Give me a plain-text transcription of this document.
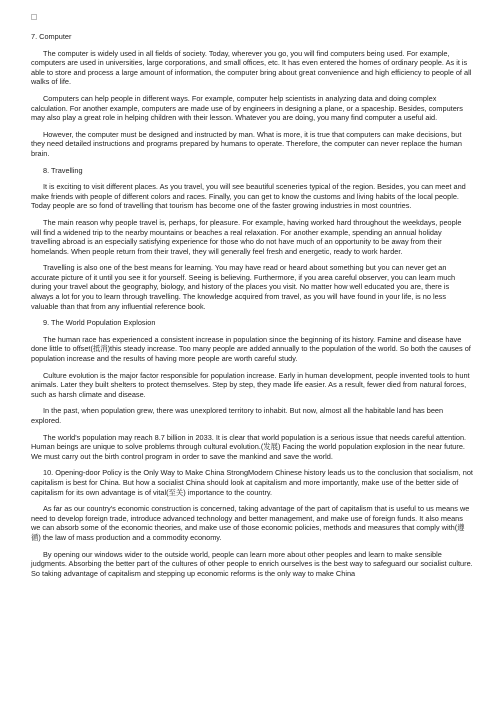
7. Computer

The computer is widely used in all fields of society. Today, wherever you go, you will find computers being used. For example, computers are used in universities, large corporations, and small offices, etc. It has even entered the homes of ordinary people. As it is able to store and process a large amount of information, the computer bring about great convenience and high efficiency to people of all walks of life.

Computers can help people in different ways. For example, computer help scientists in analyzing data and doing complex calculation. For another example, computers are made use of by engineers in designing a plane, or a spaceship. Besides, computers may also play a great role in helping children with their lesson. Whatever you are doing, you many find computer a useful aid.

However, the computer must be designed and instructed by man. What is more, it is true that computers can make decisions, but they need detailed instructions and programs prepared by humans to operate. Therefore, the computer can never replace the human brain.

8. Travelling

It is exciting to visit different places. As you travel, you will see beautiful sceneries typical of the region. Besides, you can meet and make friends with people of different colors and races. Finally, you can get to know the customs and living habits of the local people. Today people are so fond of travelling that tourism has become one of the faster growing industries in most countries.

The main reason why people travel is, perhaps, for pleasure. For example, having worked hard throughout the weekdays, people will find a widened trip to the nearby mountains or beaches a real relaxation. For another example, spending an annual holiday travelling abroad is an especially satisfying experience for those who do not have much of an opportunity to be away from their homelands. When people return from their travel, they will generally feel fresh and energetic, ready to work harder.

Travelling is also one of the best means for learning. You may have read or heard about something but you can never get an accurate picture of it until you see it for yourself. Seeing is believing. Furthermore, if you area careful observer, you can learn much during your travel about the geography, biology, and history of the places you visit. No matter how well educated you are, there is always a lot for you to learn through travelling. The knowledge acquired from travel, as you will have found in your life, is no less valuable than that from any influential reference book.

9. The World Population Explosion

The human race has experienced a consistent increase in population since the beginning of its history. Famine and disease have done little to offset(抵消)this steady increase. Too many people are added annually to the population of the world. So both the causes of population increase and the results of having more people are worth careful study.

Culture evolution is the major factor responsible for population increase. Early in human development, people invented tools to hunt animals. Later they built shelters to protect themselves. Step by step, they made life easier. As a result, fewer died from natural forces, such as harsh climate and disease.

In the past, when population grew, there was unexplored territory to inhabit. But now, almost all the habitable land has been explored.

The world's population may reach 8.7 billion in 2033. It is clear that world population is a serious issue that needs careful attention. Human beings are unique to solve problems through cultural evolution.(发展) Facing the world population explosion in the near future. We must carry out the birth control program in order to save the mankind and save the world.

10. Opening-door Policy is the Only Way to Make China StrongModern Chinese history leads us to the conclusion that socialism, not capitalism is best for China. But how a socialist China should look at capitalism and more importantly, make use of the better side of capitalism for its own advantage is of vital(至关) importance to the country.

As far as our country's economic construction is concerned, taking advantage of the part of capitalism that is useful to us means we need to develop foreign trade, introduce advanced technology and better management, and make use of foreign funds. It also means we can absorb some of the economic theories, and make use of those economic policies, methods and measures that comply with(遵循) the law of mass production and a commodity economy.

By opening our windows wider to the outside world, people can learn more about other peoples and learn to make sensible judgments. Absorbing the better part of the cultures of other people to enrich ourselves is the best way to safeguard our socialist culture. So taking advantage of capitalism and stepping up economic reforms is the only way to make China
